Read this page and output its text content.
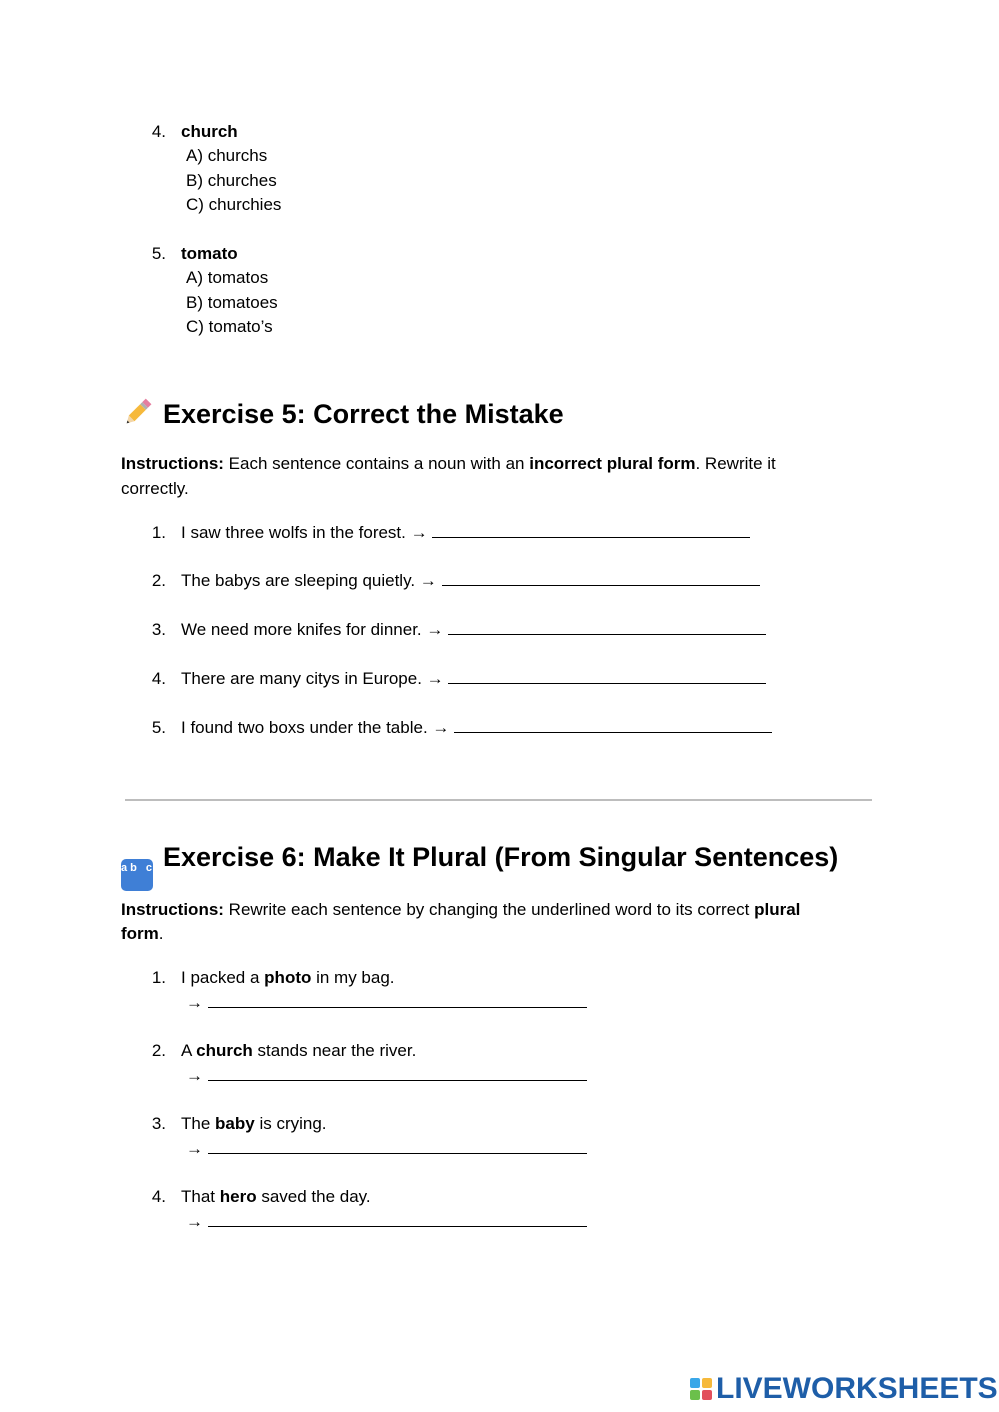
4. church
A) churchs
B) churches
C) churchies
5. tomato
A) tomatos
B) tomatoes
C) tomato’s
Exercise 5: Correct the Mistake
Instructions: Each sentence contains a noun with an incorrect plural form. Rewrite it
correctly.
1. I saw three wolfs in the forest. →
2. The babys are sleeping quietly. →
3. We need more knifes for dinner. →
4. There are many citys in Europe. →
5. I found two boxs under the table. →
ab cdExercise 6: Make It Plural (From Singular Sentences)
Instructions: Rewrite each sentence by changing the underlined word to its correct plural
form.
1. I packed a photo in my bag.
→
2. A church stands near the river.
→
3. The baby is crying.
→
4. That hero saved the day.
→
LIVEWORKSHEETS
